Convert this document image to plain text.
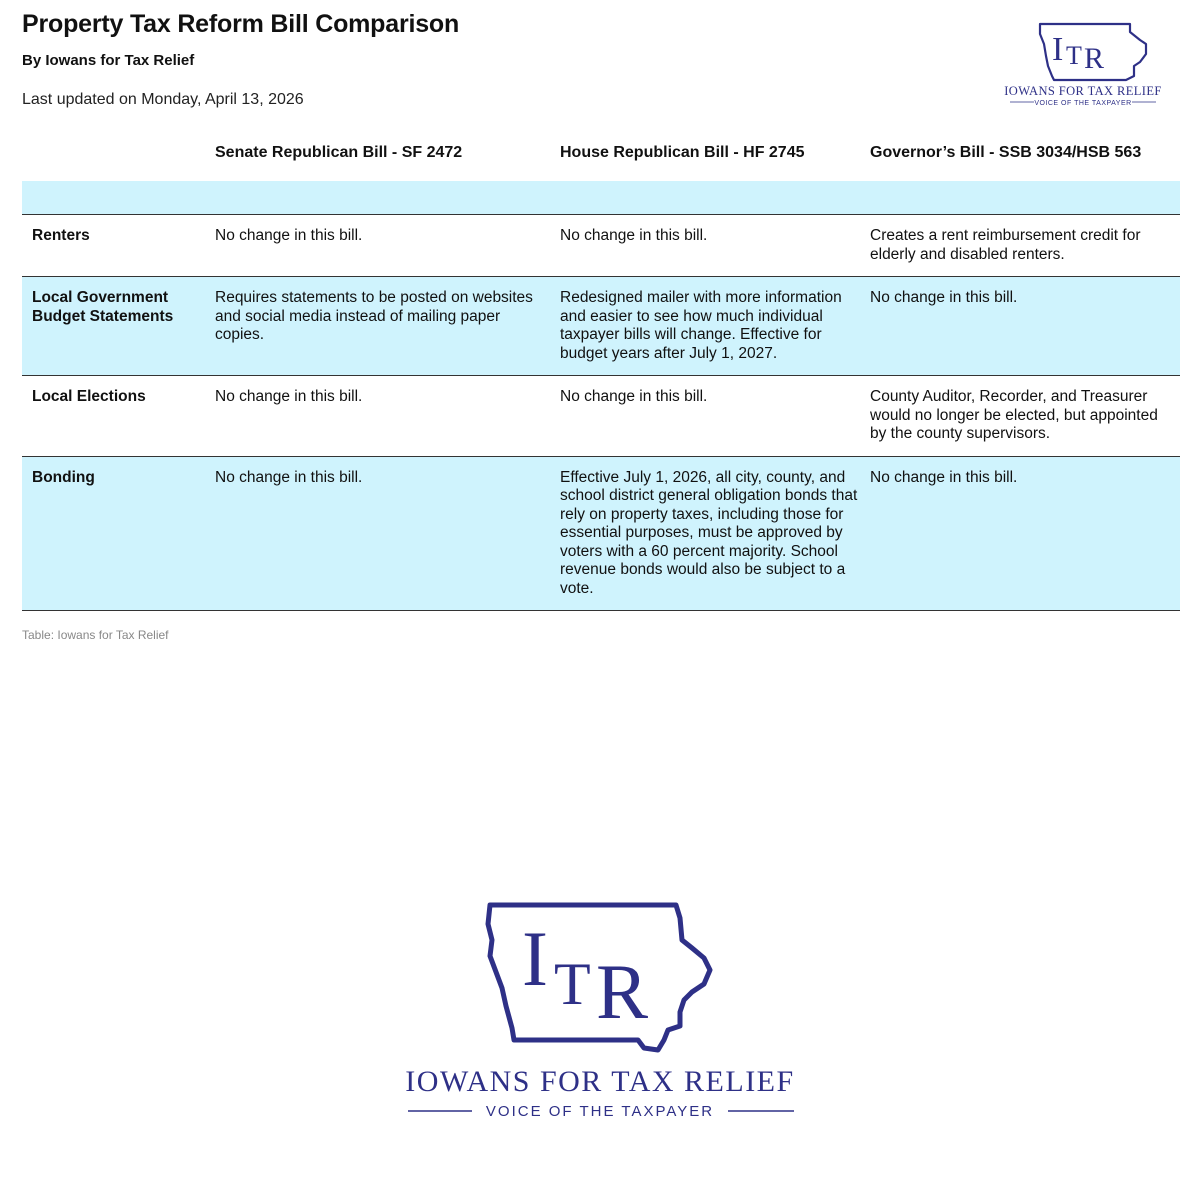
Property Tax Reform Bill Comparison
By Iowans for Tax Relief
Last updated on Monday, April 13, 2026
I T R
IOWANS FOR TAX RELIEF
VOICE OF THE TAXPAYER
	Senate Republican Bill - SF 2472	House Republican Bill - HF 2745	Governor’s Bill - SSB 3034/HSB 563

Renters	No change in this bill.	No change in this bill.	Creates a rent reimbursement credit for elderly and disabled renters.
Local Government Budget Statements	Requires statements to be posted on websites and social media instead of mailing paper copies.	Redesigned mailer with more information and easier to see how much individual taxpayer bills will change. Effective for budget years after July 1, 2027.	No change in this bill.
Local Elections	No change in this bill.	No change in this bill.	County Auditor, Recorder, and Treasurer would no longer be elected, but appointed by the county supervisors.
Bonding	No change in this bill.	Effective July 1, 2026, all city, county, and school district general obligation bonds that rely on property taxes, including those for essential purposes, must be approved by voters with a 60 percent majority. School revenue bonds would also be subject to a vote.	No change in this bill.
Table: Iowans for Tax Relief
I T R
IOWANS FOR TAX RELIEF
VOICE OF THE TAXPAYER
